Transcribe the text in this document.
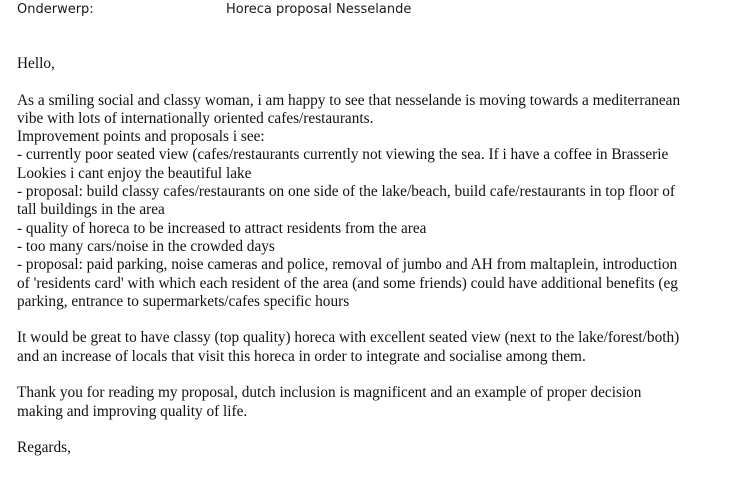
Onderwerp:	Horeca proposal Nesselande

Hello,

As a smiling social and classy woman, i am happy to see that nesselande is moving towards a mediterranean

vibe with lots of internationally oriented cafes/restaurants.

Improvement points and proposals i see:

- currently poor seated view (cafes/restaurants currently not viewing the sea. If i have a coffee in Brasserie

Lookies i cant enjoy the beautiful lake

- proposal: build classy cafes/restaurants on one side of the lake/beach, build cafe/restaurants in top floor of

tall buildings in the area

- quality of horeca to be increased to attract residents from the area

- too many cars/noise in the crowded days

- proposal: paid parking, noise cameras and police, removal of jumbo and AH from maltaplein, introduction

of 'residents card' with which each resident of the area (and some friends) could have additional benefits (eg

parking, entrance to supermarkets/cafes specific hours

It would be great to have classy (top quality) horeca with excellent seated view (next to the lake/forest/both)

and an increase of locals that visit this horeca in order to integrate and socialise among them.

Thank you for reading my proposal, dutch inclusion is magnificent and an example of proper decision

making and improving quality of life.

Regards,
